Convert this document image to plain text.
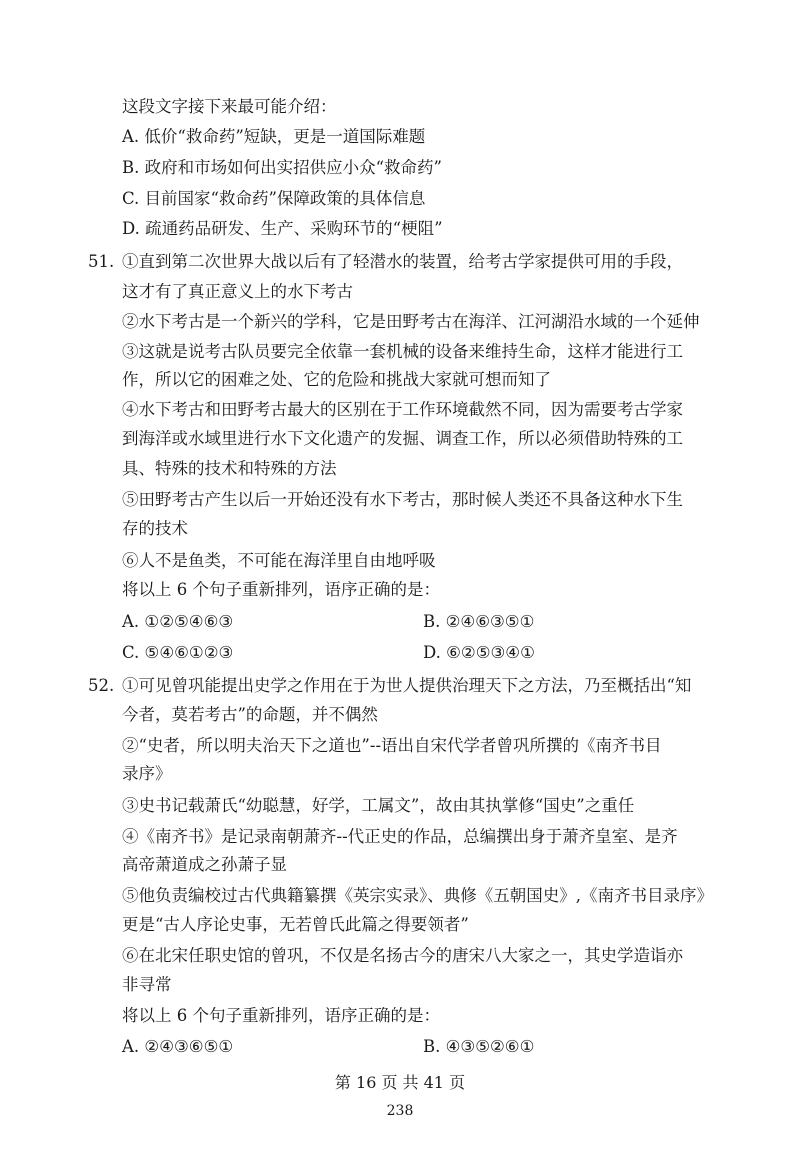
这段文字接下来最可能介绍：
A. 低价“救命药”短缺，更是一道国际难题
B. 政府和市场如何出实招供应小众“救命药”
C. 目前国家“救命药”保障政策的具体信息
D. 疏通药品研发、生产、采购环节的“梗阻”
51. ①直到第二次世界大战以后有了轻潜水的装置，给考古学家提供可用的手段，
这才有了真正意义上的水下考古
②水下考古是一个新兴的学科，它是田野考古在海洋、江河湖沿水域的一个延伸
③这就是说考古队员要完全依靠一套机械的设备来维持生命，这样才能进行工
作，所以它的困难之处、它的危险和挑战大家就可想而知了
④水下考古和田野考古最大的区别在于工作环境截然不同，因为需要考古学家
到海洋或水域里进行水下文化遗产的发掘、调查工作，所以必须借助特殊的工
具、特殊的技术和特殊的方法
⑤田野考古产生以后一开始还没有水下考古，那时候人类还不具备这种水下生
存的技术
⑥人不是鱼类，不可能在海洋里自由地呼吸
将以上 6 个句子重新排列，语序正确的是：
A. ①②⑤④⑥③	B. ②④⑥③⑤①
C. ⑤④⑥①②③	D. ⑥②⑤③④①
52. ①可见曾巩能提出史学之作用在于为世人提供治理天下之方法，乃至概括出“知
今者，莫若考古”的命题，并不偶然
②“史者，所以明夫治天下之道也”--语出自宋代学者曾巩所撰的《南齐书目
录序》
③史书记载萧氏“幼聪慧，好学，工属文”，故由其执掌修“国史”之重任
④《南齐书》是记录南朝萧齐--代正史的作品，总编撰出身于萧齐皇室、是齐
高帝萧道成之孙萧子显
⑤他负责编校过古代典籍纂撰《英宗实录》、典修《五朝国史》,《南齐书目录序》
更是“古人序论史事，无若曾氏此篇之得要领者”
⑥在北宋任职史馆的曾巩，不仅是名扬古今的唐宋八大家之一，其史学造诣亦
非寻常
将以上 6 个句子重新排列，语序正确的是：
A. ②④③⑥⑤①	B. ④③⑤②⑥①
第 16 页 共 41 页
238
